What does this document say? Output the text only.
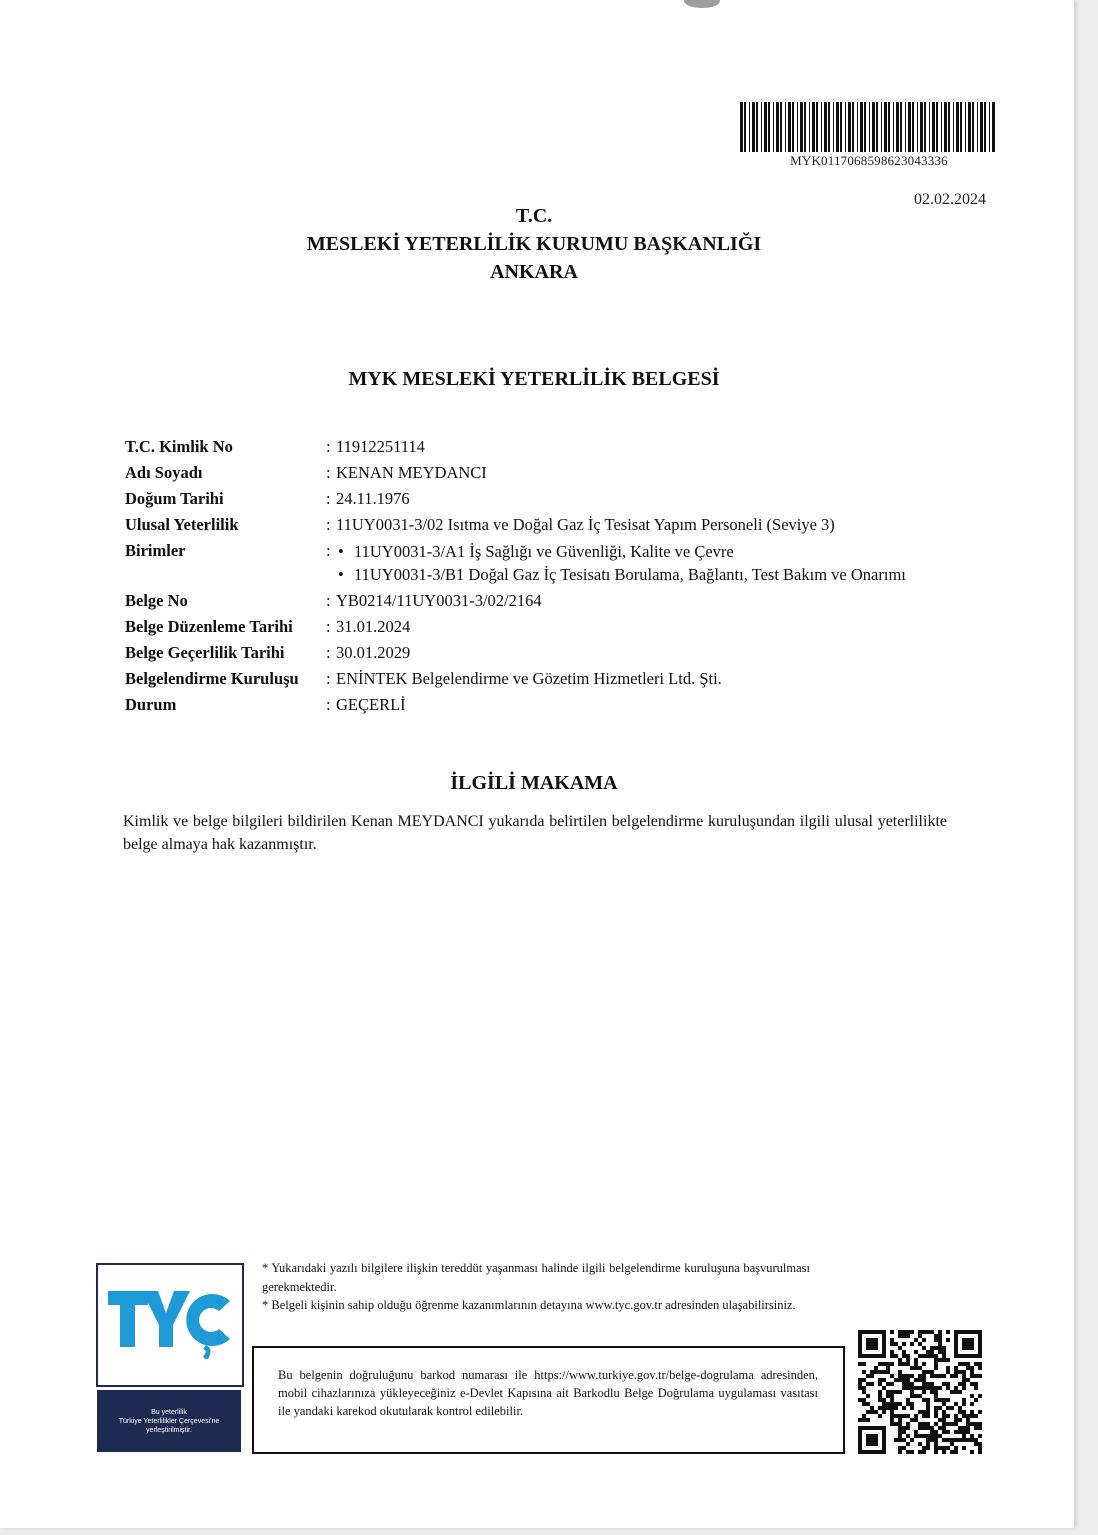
MYK0117068598623043336
02.02.2024
T.C.
MESLEKİ YETERLİLİK KURUMU BAŞKANLIĞI
ANKARA
MYK MESLEKİ YETERLİLİK BELGESİ
T.C. Kimlik No	: 11912251114
Adı Soyadı	: KENAN MEYDANCI
Doğum Tarihi	: 24.11.1976
Ulusal Yeterlilik	: 11UY0031-3/02 Isıtma ve Doğal Gaz İç Tesisat Yapım Personeli (Seviye 3)
Birimler	:
•	11UY0031-3/A1 İş Sağlığı ve Güvenliği, Kalite ve Çevre
• 11UY0031-3/B1 Doğal Gaz İç Tesisatı Borulama, Bağlantı, Test Bakım ve Onarımı
Belge No	: YB0214/11UY0031-3/02/2164
Belge Düzenleme Tarihi	: 31.01.2024
Belge Geçerlilik Tarihi	: 30.01.2029
Belgelendirme Kuruluşu	: ENİNTEK Belgelendirme ve Gözetim Hizmetleri Ltd. Şti.
Durum	: GEÇERLİ
İLGİLİ MAKAMA
Kimlik ve belge bilgileri bildirilen Kenan MEYDANCI yukarıda belirtilen belgelendirme kuruluşundan ilgili ulusal yeterlilikte belge almaya hak kazanmıştır.
Bu yeterlilik
Türkiye Yeterlilikler Çerçevesi'ne
yerleştirilmiştir.
* Yukarıdaki yazılı bilgilere ilişkin tereddüt yaşanması halinde ilgili belgelendirme kuruluşuna başvurulması gerekmektedir.
* Belgeli kişinin sahip olduğu öğrenme kazanımlarının detayına www.tyc.gov.tr adresinden ulaşabilirsiniz.
Bu belgenin doğruluğunu barkod numarası ile https://www.turkiye.gov.tr/belge-dogrulama adresinden, mobil cihazlarınıza yükleyeceğiniz e-Devlet Kapısına ait Barkodlu Belge Doğrulama uygulaması vasıtası ile yandaki karekod okutularak kontrol edilebilir.
